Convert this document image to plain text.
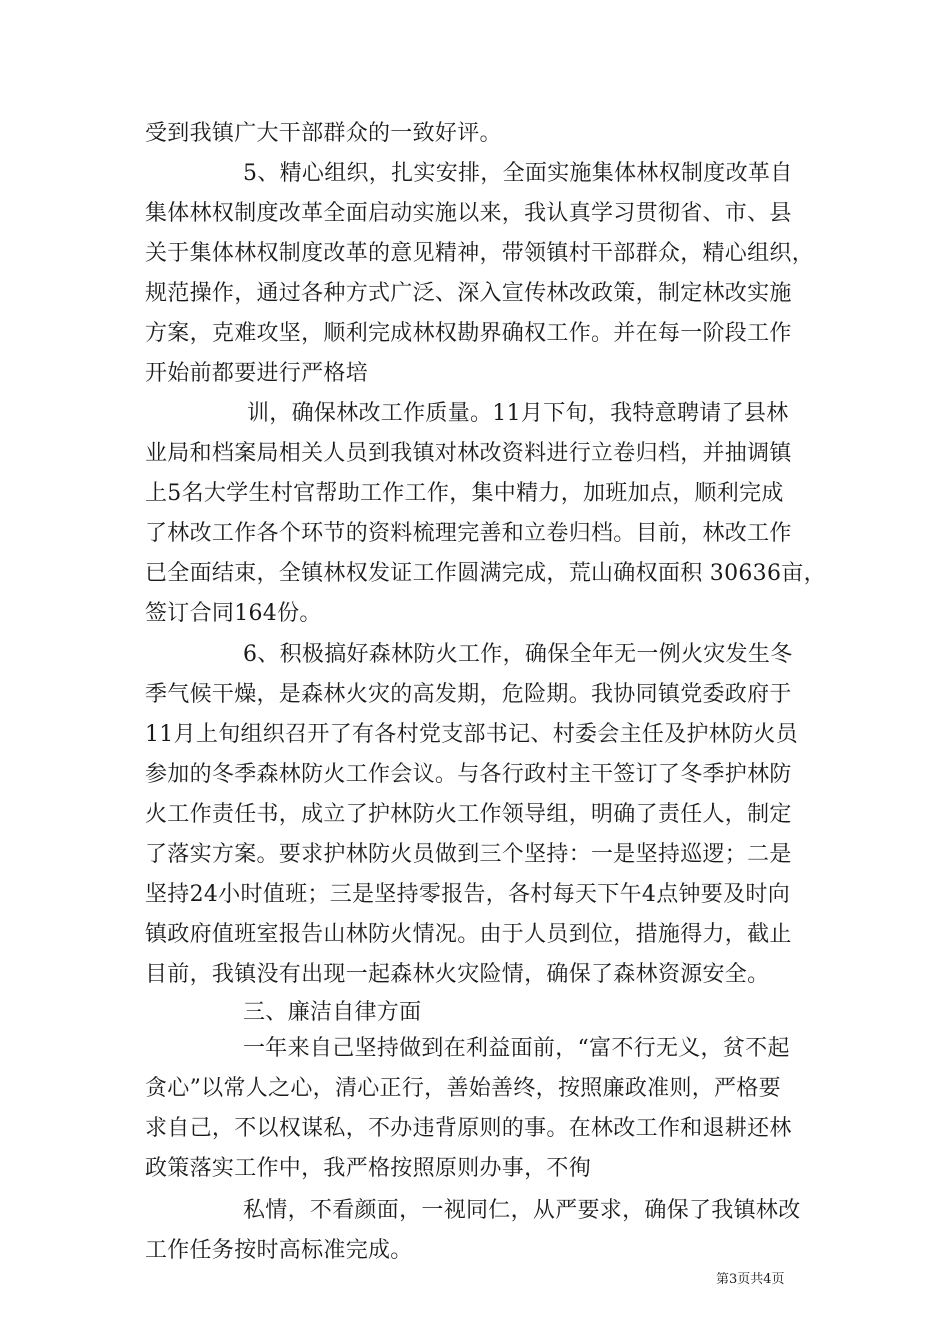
受到我镇广大干部群众的一致好评。
5、精心组织，扎实安排，全面实施集体林权制度改革自
集体林权制度改革全面启动实施以来，我认真学习贯彻省、市、县
关于集体林权制度改革的意见精神，带领镇村干部群众，精心组织，
规范操作，通过各种方式广泛、深入宣传林改政策，制定林改实施
方案，克难攻坚，顺利完成林权勘界确权工作。并在每一阶段工作
开始前都要进行严格培
训，确保林改工作质量。11月下旬，我特意聘请了县林
业局和档案局相关人员到我镇对林改资料进行立卷归档，并抽调镇
上5名大学生村官帮助工作工作，集中精力，加班加点，顺利完成
了林改工作各个环节的资料梳理完善和立卷归档。目前，林改工作
已全面结束，全镇林权发证工作圆满完成，荒山确权面积 30636亩，
签订合同164份。
6、积极搞好森林防火工作，确保全年无一例火灾发生冬
季气候干燥，是森林火灾的高发期，危险期。我协同镇党委政府于
11月上旬组织召开了有各村党支部书记、村委会主任及护林防火员
参加的冬季森林防火工作会议。与各行政村主干签订了冬季护林防
火工作责任书，成立了护林防火工作领导组，明确了责任人，制定
了落实方案。要求护林防火员做到三个坚持：一是坚持巡逻；二是
坚持24小时值班；三是坚持零报告，各村每天下午4点钟要及时向
镇政府值班室报告山林防火情况。由于人员到位，措施得力，截止
目前，我镇没有出现一起森林火灾险情，确保了森林资源安全。
三、廉洁自律方面
一年来自己坚持做到在利益面前，“富不行无义，贫不起
贪心”以常人之心，清心正行，善始善终，按照廉政准则，严格要
求自己，不以权谋私，不办违背原则的事。在林改工作和退耕还林
政策落实工作中，我严格按照原则办事，不徇
私情，不看颜面，一视同仁，从严要求，确保了我镇林改
工作任务按时高标准完成。
第3页共4页
